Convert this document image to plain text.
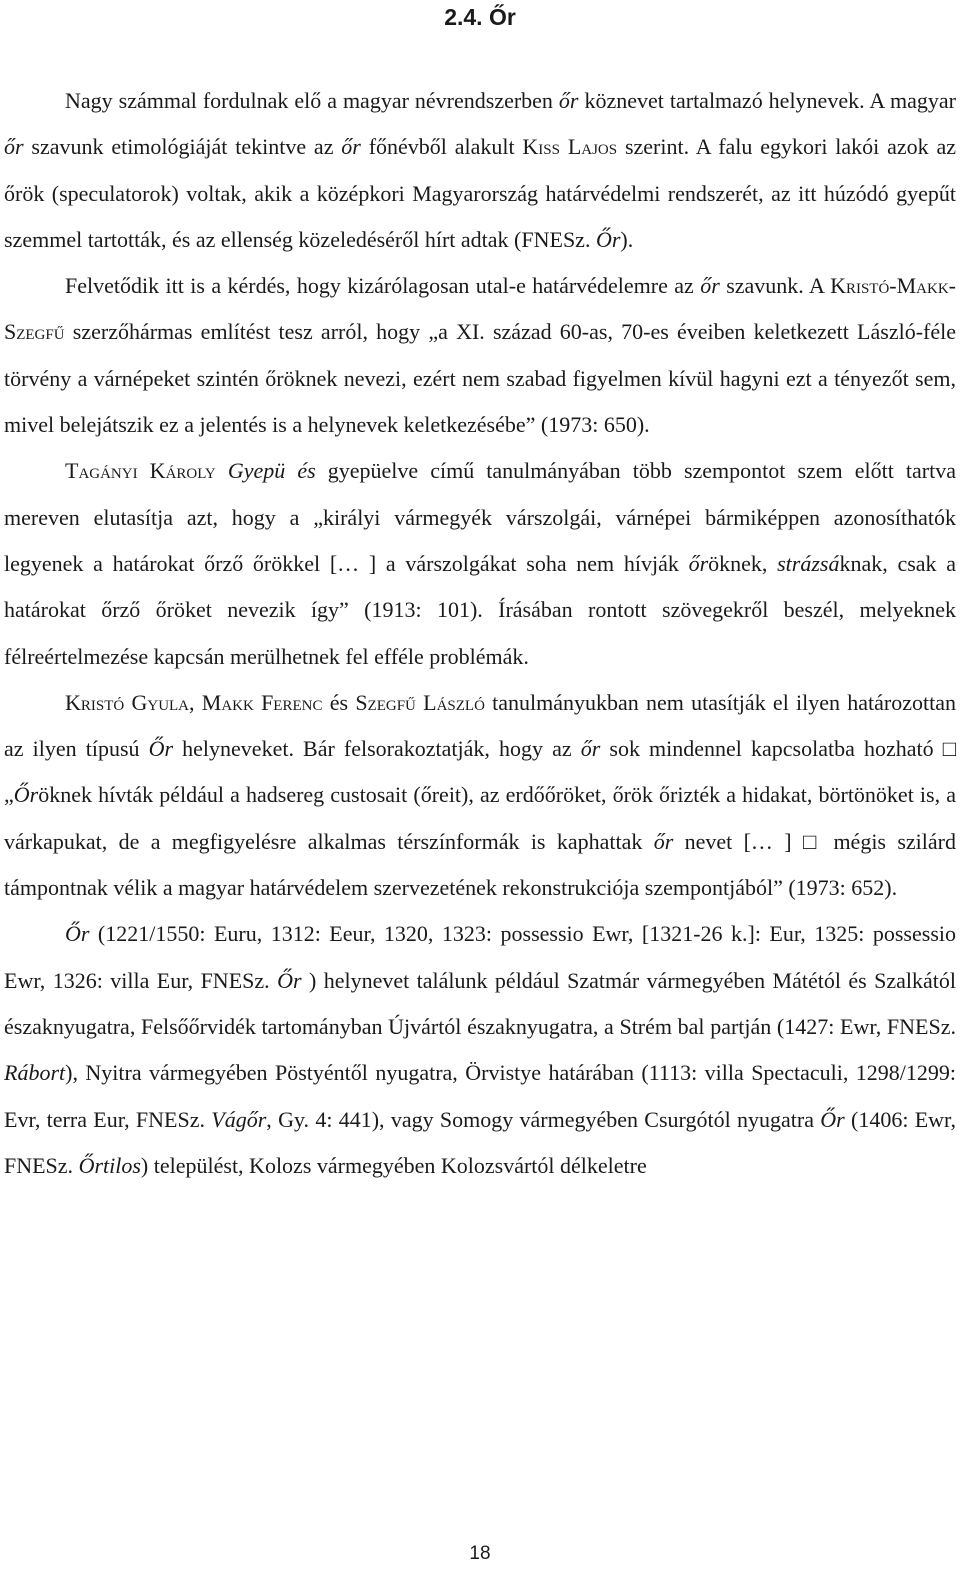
2.4. Őr

Nagy számmal fordulnak elő a magyar névrendszerben őr köznevet tartalmazó helynevek. A magyar őr szavunk etimológiáját tekintve az őr főnévből alakult Kiss Lajos szerint. A falu egykori lakói azok az őrök (speculatorok) voltak, akik a középkori Magyarország határvédelmi rendszerét, az itt húzódó gyepűt szemmel tartották, és az ellenség közeledéséről hírt adtak (FNESz. Őr).

Felvetődik itt is a kérdés, hogy kizárólagosan utal-e határvédelemre az őr szavunk. A Kristó-Makk-Szegfű szerzőhármas említést tesz arról, hogy „a XI. század 60-as, 70-es éveiben keletkezett László-féle törvény a várnépeket szintén őröknek nevezi, ezért nem szabad figyelmen kívül hagyni ezt a tényezőt sem, mivel belejátszik ez a jelentés is a helynevek keletkezésébe” (1973: 650).

Tagányi Károly Gyepü és gyepüelve című tanulmányában több szempontot szem előtt tartva mereven elutasítja azt, hogy a „királyi vármegyék várszolgái, várnépei bármiképpen azonosíthatók legyenek a határokat őrző őrökkel [… ] a várszolgákat soha nem hívják őröknek, strázsáknak, csak a határokat őrző őröket nevezik így” (1913: 101). Írásában rontott szövegekről beszél, melyeknek félreértelmezése kapcsán merülhetnek fel efféle problémák.

Kristó Gyula, Makk Ferenc és Szegfű László tanulmányukban nem utasítják el ilyen határozottan az ilyen típusú Őr helyneveket. Bár felsorakoztatják, hogy az őr sok mindennel kapcsolatba hozható □ „Őröknek hívták például a hadsereg custosait (őreit), az erdőőröket, őrök őrizték a hidakat, börtönöket is, a várkapukat, de a megfigyelésre alkalmas térszínformák is kaphattak őr nevet [… ] □ mégis szilárd támpontnak vélik a magyar határvédelem szervezetének rekonstrukciója szempontjából” (1973: 652).

Őr (1221/1550: Euru, 1312: Eeur, 1320, 1323: possessio Ewr, [1321-26 k.]: Eur, 1325: possessio Ewr, 1326: villa Eur, FNESz. Őr ) helynevet találunk például Szatmár vármegyében Mátétól és Szalkától északnyugatra, Felsőőrvidék tartományban Újvártól északnyugatra, a Strém bal partján (1427: Ewr, FNESz. Rábort), Nyitra vármegyében Pöstyéntől nyugatra, Örvistye határában (1113: villa Spectaculi, 1298/1299: Evr, terra Eur, FNESz. Vágőr, Gy. 4: 441), vagy Somogy vármegyében Csurgótól nyugatra Őr (1406: Ewr, FNESz. Őrtilos) települést, Kolozs vármegyében Kolozsvártól délkeletre

18
